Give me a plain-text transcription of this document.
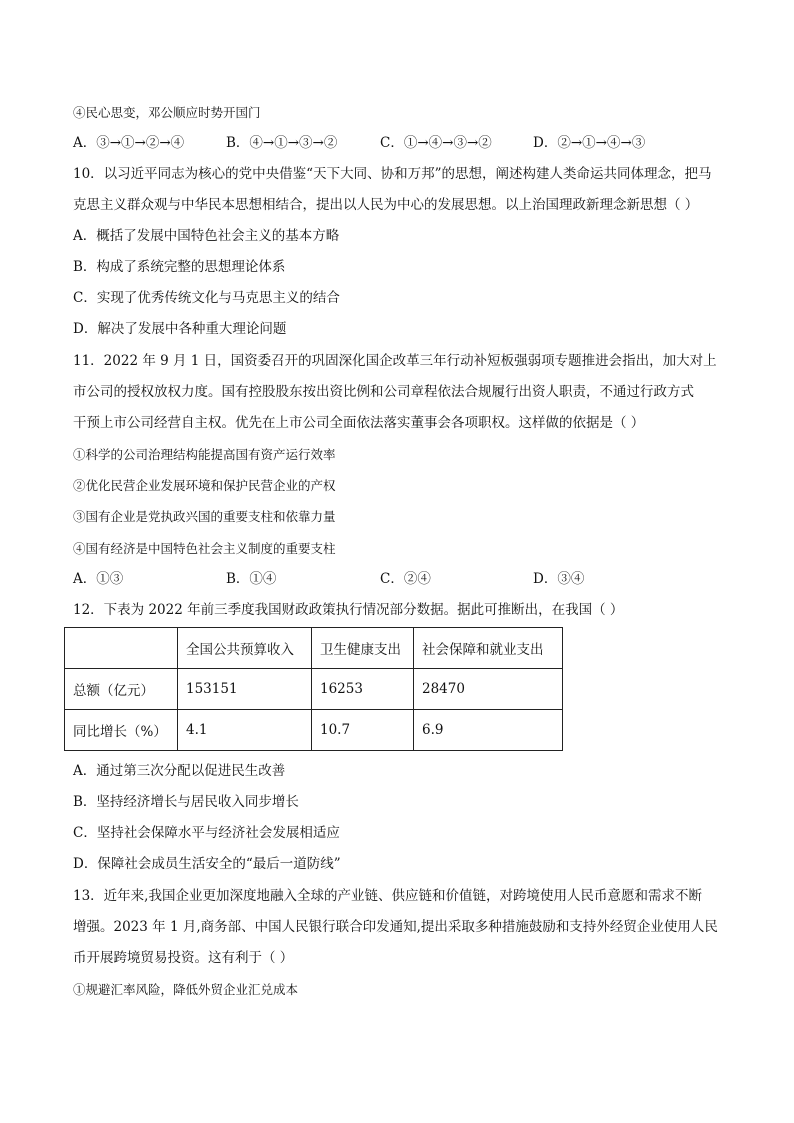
④民心思变，邓公顺应时势开国门
A．③→①→②→④	B．④→①→③→②	C．①→④→③→②	D．②→①→④→③
10．以习近平同志为核心的党中央借鉴“天下大同、协和万邦”的思想，阐述构建人类命运共同体理念，把马
克思主义群众观与中华民本思想相结合，提出以人民为中心的发展思想。以上治国理政新理念新思想（ ）
A．概括了发展中国特色社会主义的基本方略
B．构成了系统完整的思想理论体系
C．实现了优秀传统文化与马克思主义的结合
D．解决了发展中各种重大理论问题
11．2022 年 9 月 1 日，国资委召开的巩固深化国企改革三年行动补短板强弱项专题推进会指出，加大对上
市公司的授权放权力度。国有控股股东按出资比例和公司章程依法合规履行出资人职责，不通过行政方式
干预上市公司经营自主权。优先在上市公司全面依法落实董事会各项职权。这样做的依据是（ ）
①科学的公司治理结构能提高国有资产运行效率
②优化民营企业发展环境和保护民营企业的产权
③国有企业是党执政兴国的重要支柱和依靠力量
④国有经济是中国特色社会主义制度的重要支柱
A．①③	B．①④	C．②④	D．③④
12．下表为 2022 年前三季度我国财政政策执行情况部分数据。据此可推断出，在我国（ ）
	全国公共预算收入	卫生健康支出	社会保障和就业支出
总额（亿元）	153151	16253	28470
同比增长（%）	4.1	10.7	6.9
A．通过第三次分配以促进民生改善
B．坚持经济增长与居民收入同步增长
C．坚持社会保障水平与经济社会发展相适应
D．保障社会成员生活安全的“最后一道防线”
13．近年来,我国企业更加深度地融入全球的产业链、供应链和价值链，对跨境使用人民币意愿和需求不断
增强。2023 年 1 月,商务部、中国人民银行联合印发通知,提出采取多种措施鼓励和支持外经贸企业使用人民
币开展跨境贸易投资。这有利于（ ）
①规避汇率风险，降低外贸企业汇兑成本
